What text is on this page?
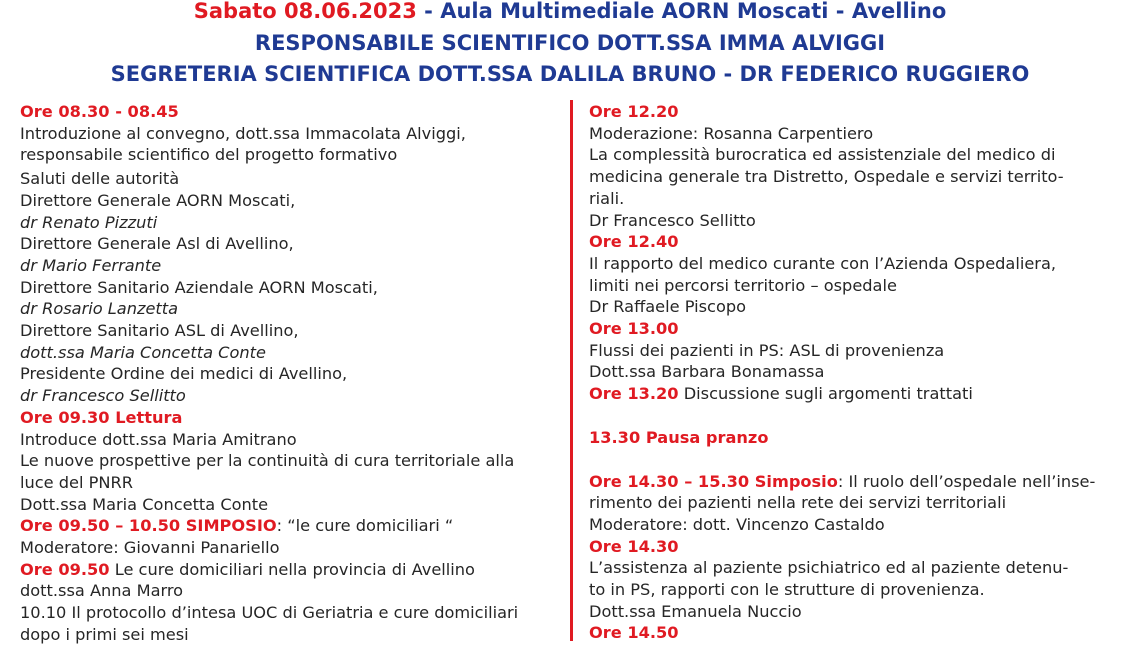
Sabato 08.06.2023 - Aula Multimediale AORN Moscati - Avellino
RESPONSABILE SCIENTIFICO DOTT.SSA IMMA ALVIGGI
SEGRETERIA SCIENTIFICA DOTT.SSA DALILA BRUNO - DR FEDERICO RUGGIERO
Ore 08.30 - 08.45
Introduzione al convegno, dott.ssa Immacolata Alviggi,
responsabile scientifico del progetto formativo
Saluti delle autorità
Direttore Generale AORN Moscati,
dr Renato Pizzuti
Direttore Generale Asl di Avellino,
dr Mario Ferrante
Direttore Sanitario Aziendale AORN Moscati,
dr Rosario Lanzetta
Direttore Sanitario ASL di Avellino,
dott.ssa Maria Concetta Conte
Presidente Ordine dei medici di Avellino,
dr Francesco Sellitto
Ore 09.30 Lettura
Introduce dott.ssa Maria Amitrano
Le nuove prospettive per la continuità di cura territoriale alla
luce del PNRR
Dott.ssa Maria Concetta Conte
Ore 09.50 – 10.50 SIMPOSIO: “le cure domiciliari “
Moderatore: Giovanni Panariello
Ore 09.50 Le cure domiciliari nella provincia di Avellino
dott.ssa Anna Marro
10.10 Il protocollo d’intesa UOC di Geriatria e cure domiciliari
dopo i primi sei mesi
Ore 12.20
Moderazione: Rosanna Carpentiero
La complessità burocratica ed assistenziale del medico di
medicina generale tra Distretto, Ospedale e servizi territo-
riali.
Dr Francesco Sellitto
Ore 12.40
Il rapporto del medico curante con l’Azienda Ospedaliera,
limiti nei percorsi territorio – ospedale
Dr Raffaele Piscopo
Ore 13.00
Flussi dei pazienti in PS: ASL di provenienza
Dott.ssa Barbara Bonamassa
Ore 13.20 Discussione sugli argomenti trattati
13.30 Pausa pranzo
Ore 14.30 – 15.30 Simposio: Il ruolo dell’ospedale nell’inse-
rimento dei pazienti nella rete dei servizi territoriali
Moderatore: dott. Vincenzo Castaldo
Ore 14.30
L’assistenza al paziente psichiatrico ed al paziente detenu-
to in PS, rapporti con le strutture di provenienza.
Dott.ssa Emanuela Nuccio
Ore 14.50
